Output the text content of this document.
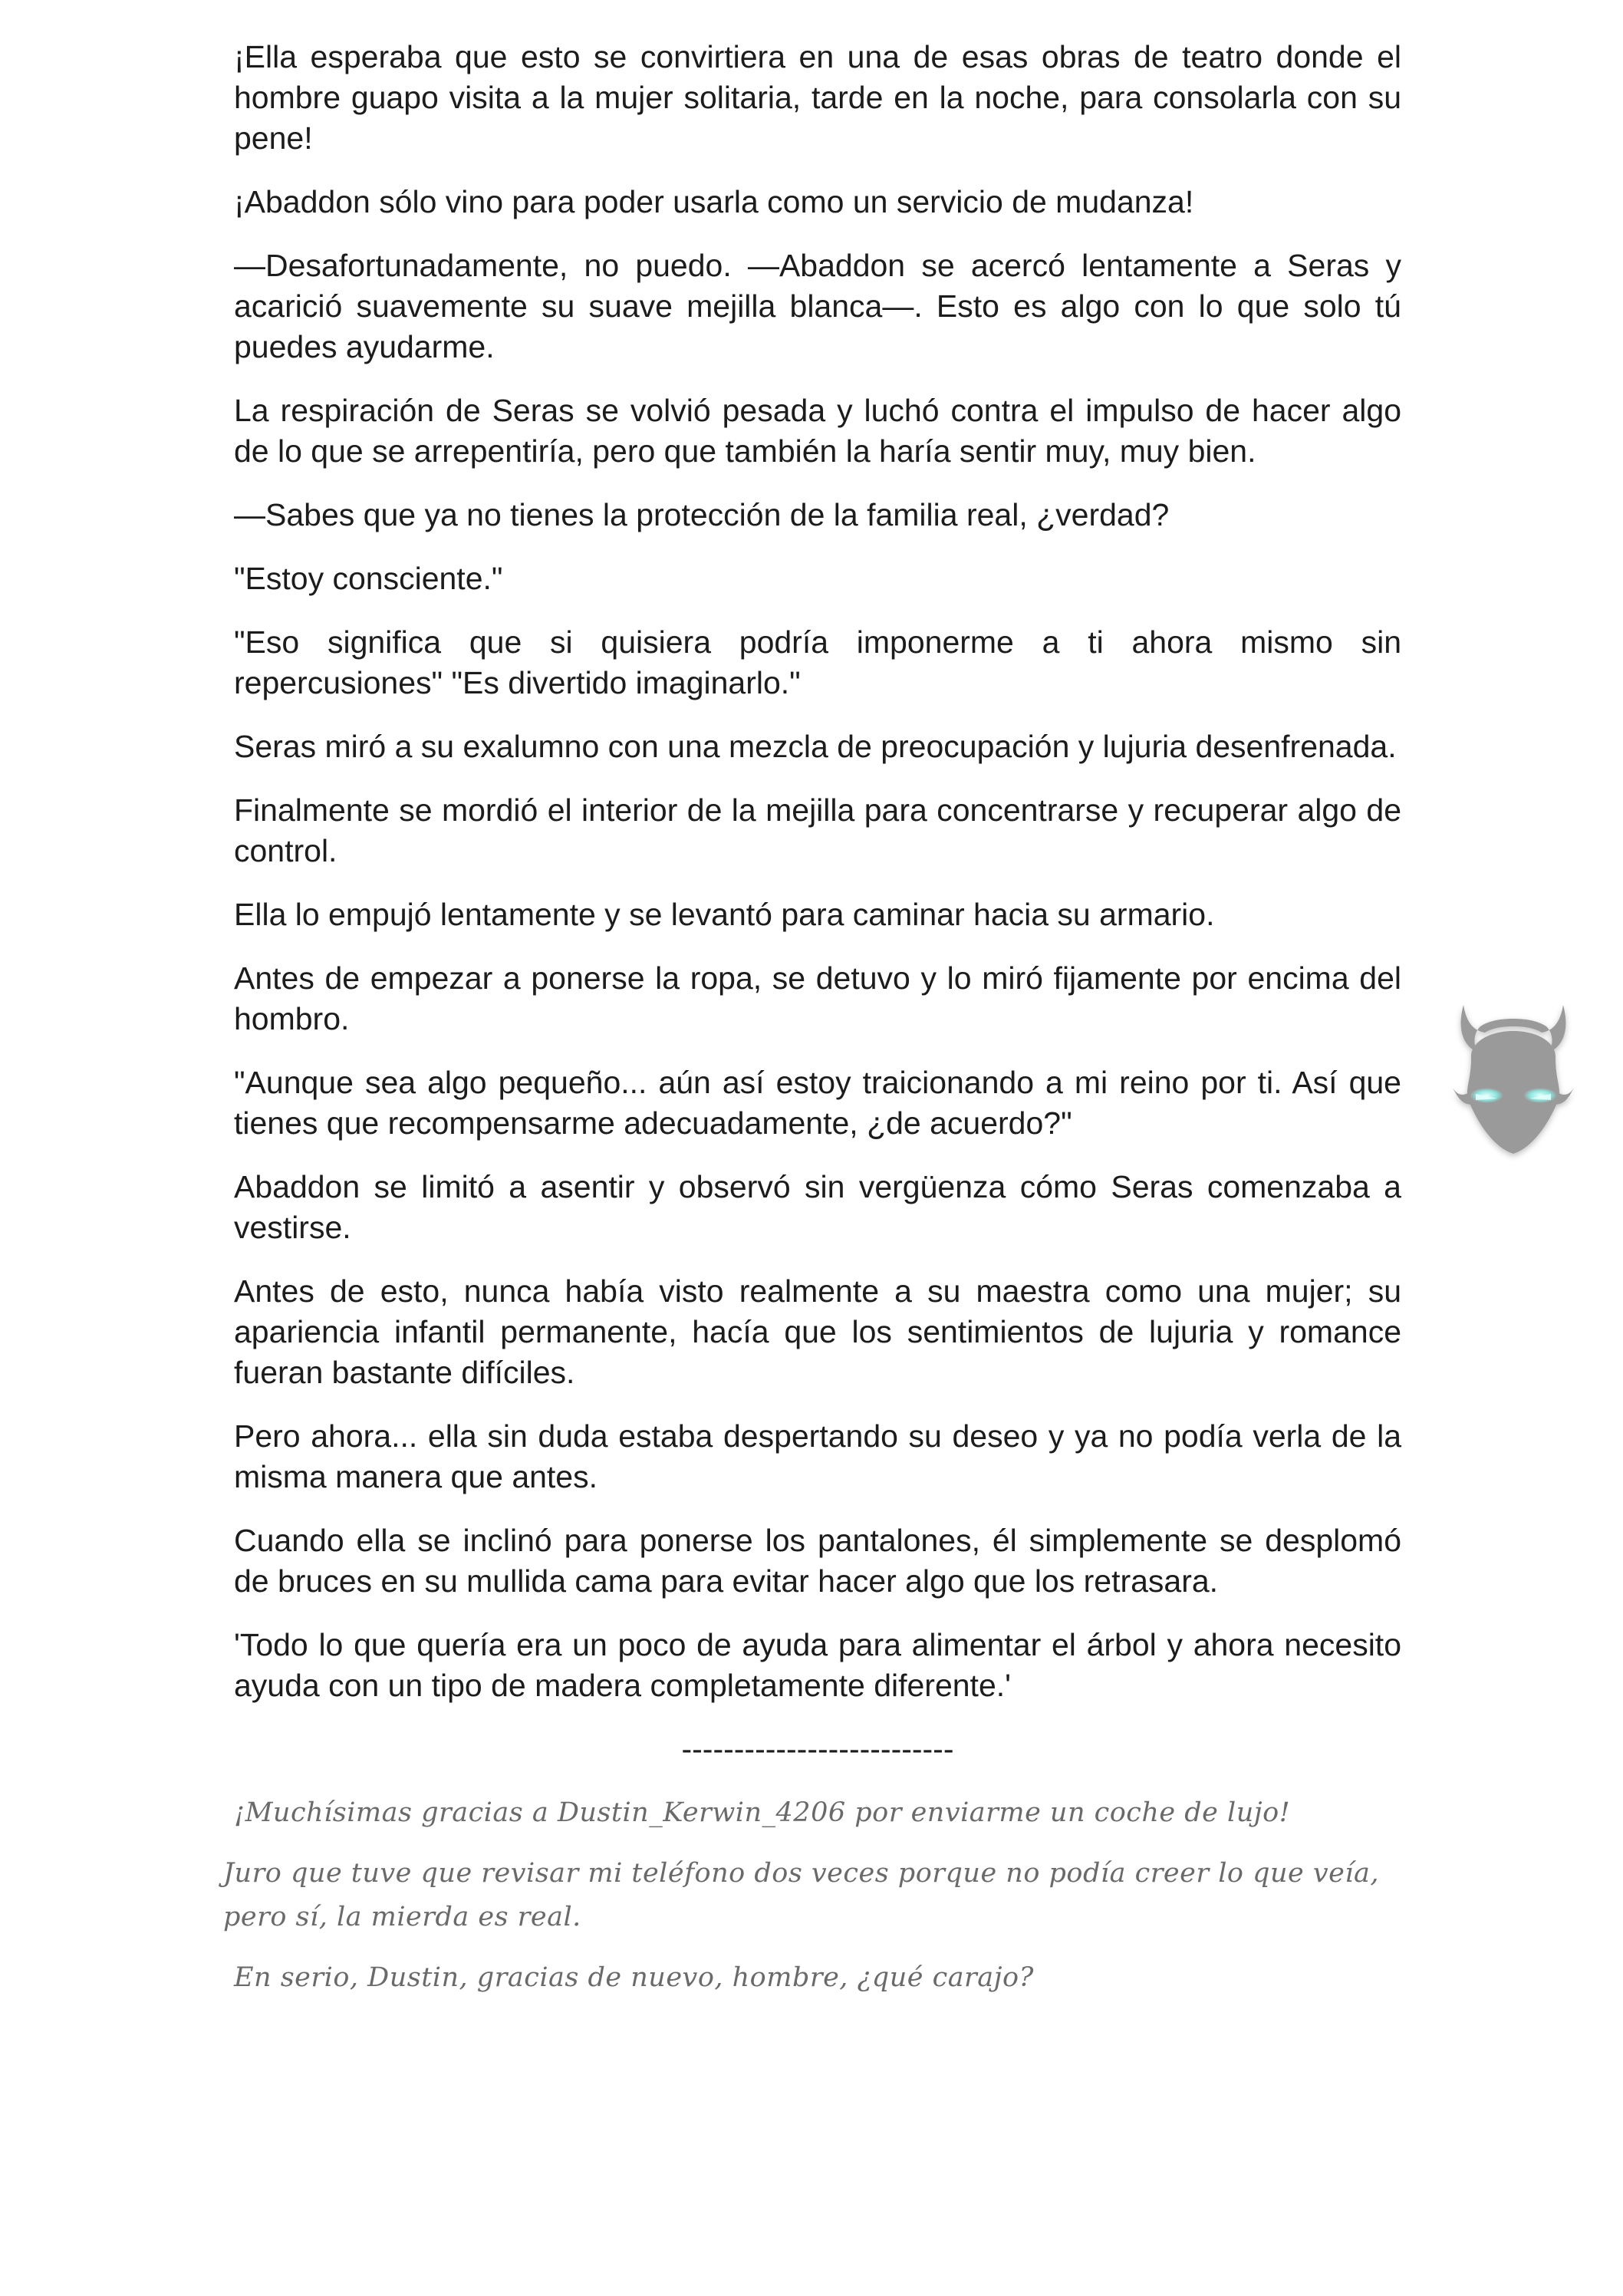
¡Ella esperaba que esto se convirtiera en una de esas obras de teatro donde el hombre guapo visita a la mujer solitaria, tarde en la noche, para consolarla con su pene!

¡Abaddon sólo vino para poder usarla como un servicio de mudanza!

—Desafortunadamente, no puedo. —Abaddon se acercó lentamente a Seras y acarició suavemente su suave mejilla blanca—. Esto es algo con lo que solo tú puedes ayudarme.

La respiración de Seras se volvió pesada y luchó contra el impulso de hacer algo de lo que se arrepentiría, pero que también la haría sentir muy, muy bien.

—Sabes que ya no tienes la protección de la familia real, ¿verdad?

"Estoy consciente."

"Eso significa que si quisiera podría imponerme a ti ahora mismo sin repercusiones" "Es divertido imaginarlo."

Seras miró a su exalumno con una mezcla de preocupación y lujuria desenfrenada.

Finalmente se mordió el interior de la mejilla para concentrarse y recuperar algo de control.

Ella lo empujó lentamente y se levantó para caminar hacia su armario.

Antes de empezar a ponerse la ropa, se detuvo y lo miró fijamente por encima del hombro.

"Aunque sea algo pequeño... aún así estoy traicionando a mi reino por ti. Así que tienes que recompensarme adecuadamente, ¿de acuerdo?"

Abaddon se limitó a asentir y observó sin vergüenza cómo Seras comenzaba a vestirse.

Antes de esto, nunca había visto realmente a su maestra como una mujer; su apariencia infantil permanente, hacía que los sentimientos de lujuria y romance fueran bastante difíciles.

Pero ahora... ella sin duda estaba despertando su deseo y ya no podía verla de la misma manera que antes.

Cuando ella se inclinó para ponerse los pantalones, él simplemente se desplomó de bruces en su mullida cama para evitar hacer algo que los retrasara.

'Todo lo que quería era un poco de ayuda para alimentar el árbol y ahora necesito ayuda con un tipo de madera completamente diferente.'

--------------------------

¡Muchísimas gracias a Dustin_Kerwin_4206 por enviarme un coche de lujo!

Juro que tuve que revisar mi teléfono dos veces porque no podía creer lo que veía, pero sí, la mierda es real.

En serio, Dustin, gracias de nuevo, hombre, ¿qué carajo?
